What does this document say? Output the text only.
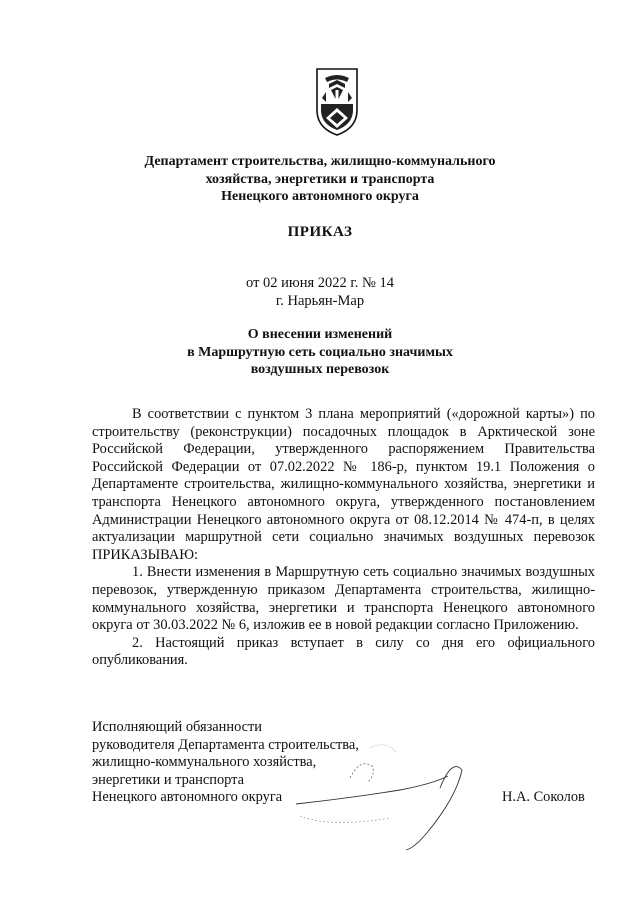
Департамент строительства, жилищно-коммунального
хозяйства, энергетики и транспорта
Ненецкого автономного округа
ПРИКАЗ
от 02 июня 2022 г. № 14
г. Нарьян-Мар
О внесении изменений
в Маршрутную сеть социально значимых
воздушных перевозок

В соответствии с пунктом 3 плана мероприятий («дорожной карты») по строительству (реконструкции) посадочных площадок в Арктической зоне Российской Федерации, утвержденного распоряжением Правительства Российской Федерации от 07.02.2022 № 186-р, пунктом 19.1 Положения о Департаменте строительства, жилищно-коммунального хозяйства, энергетики и транспорта Ненецкого автономного округа, утвержденного постановлением Администрации Ненецкого автономного округа от 08.12.2014 № 474-п, в целях актуализации маршрутной сети социально значимых воздушных перевозок ПРИКАЗЫВАЮ:

1. Внести изменения в Маршрутную сеть социально значимых воздушных перевозок, утвержденную приказом Департамента строительства, жилищно-коммунального хозяйства, энергетики и транспорта Ненецкого автономного округа от 30.03.2022 № 6, изложив ее в новой редакции согласно Приложению.

2. Настоящий приказ вступает в силу со дня его официального опубликования.

Исполняющий обязанности
руководителя Департамента строительства,
жилищно-коммунального хозяйства,
энергетики и транспорта
Ненецкого автономного округа	Н.А. Соколов
